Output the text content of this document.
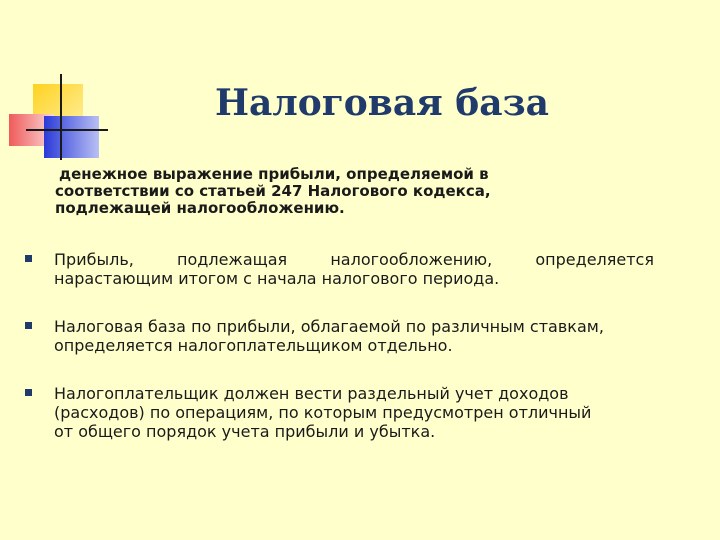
Налоговая база
денежное выражение прибыли, определяемой в
соответствии со статьей 247 Налогового кодекса,
подлежащей налогообложению.
Прибыль,	подлежащая	налогообложению,	определяется
нарастающим итогом с начала налогового периода.
Налоговая база по прибыли, облагаемой по различным ставкам,
определяется налогоплательщиком отдельно.
Налогоплательщик должен вести раздельный учет доходов
(расходов) по операциям, по которым предусмотрен отличный
от общего порядок учета прибыли и убытка.
